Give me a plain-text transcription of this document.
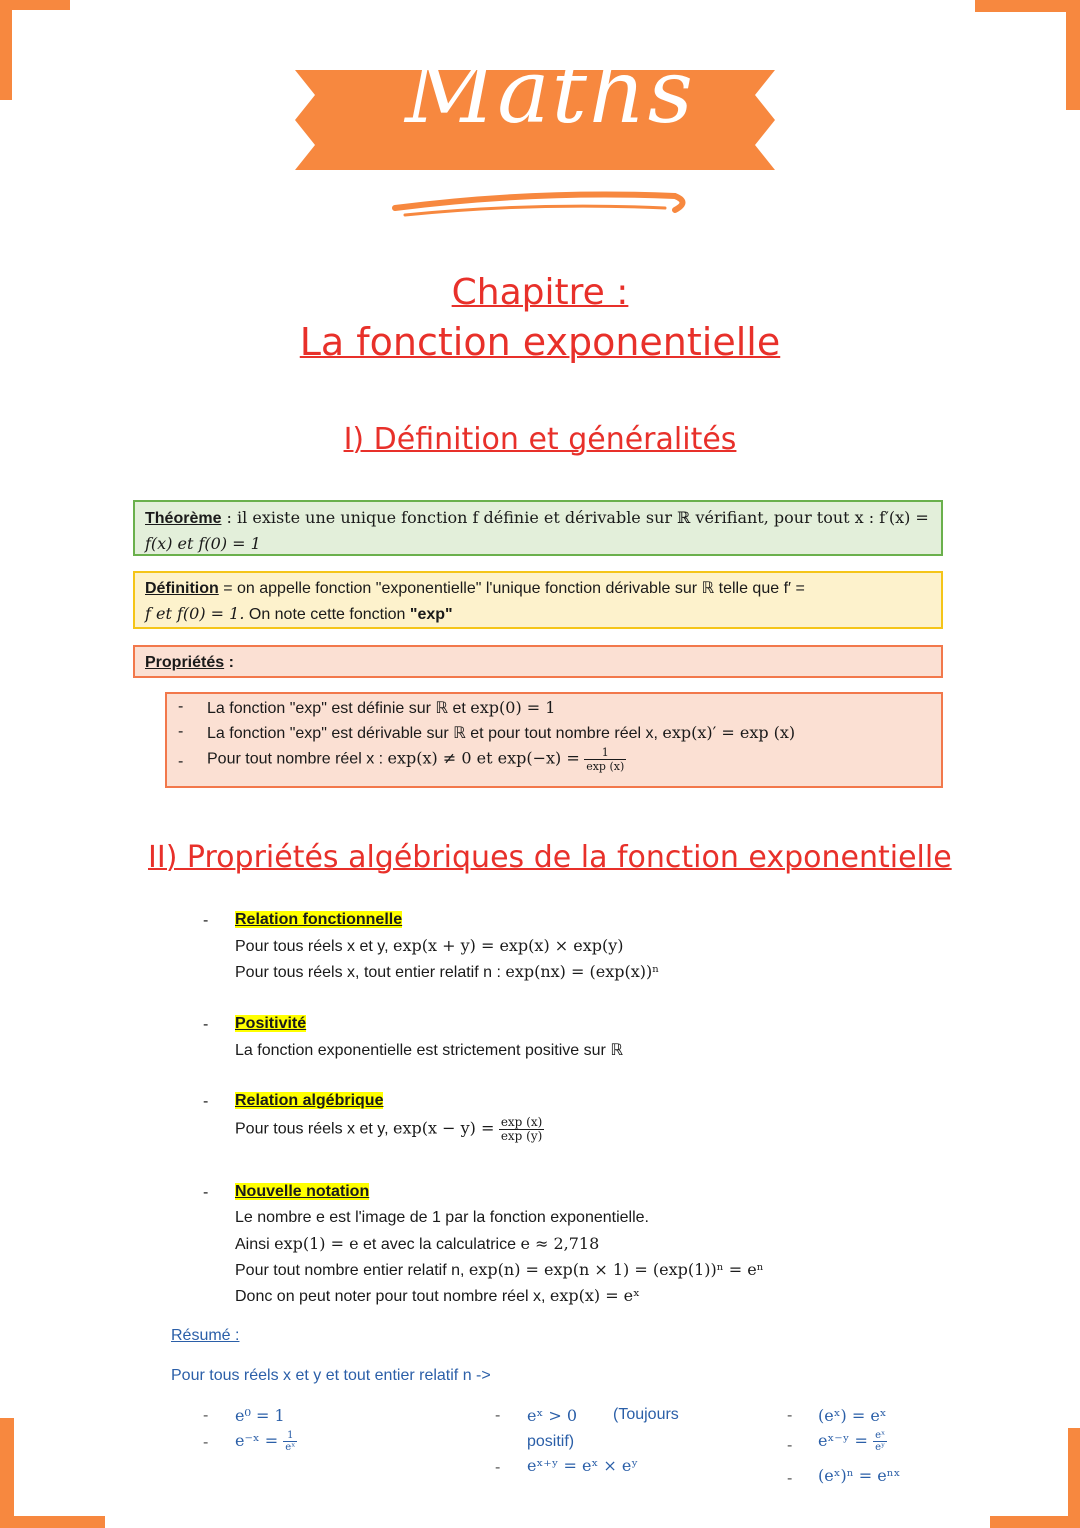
Maths
Chapitre :
La fonction exponentielle
I) Définition et généralités
Théorème : il existe une unique fonction f définie et dérivable sur ℝ vérifiant, pour tout x : f′(x) =
f(x) et f(0) = 1
Définition = on appelle fonction "exponentielle" l'unique fonction dérivable sur ℝ telle que f′ =
f et f(0) = 1. On note cette fonction "exp"
Propriétés :
- La fonction "exp" est définie sur ℝ et exp(0) = 1
- La fonction "exp" est dérivable sur ℝ et pour tout nombre réel x, exp(x)′ = exp (x)
- Pour tout nombre réel x : exp(x) ≠ 0 et $\exp(-x) = \frac{1}{\exp (x)}$
II) Propriétés algébriques de la fonction exponentielle
- Relation fonctionnelle
Pour tous réels x et y, exp(x + y) = exp(x) × exp(y)
Pour tous réels x, tout entier relatif n : exp(nx) = (exp(x))ⁿ
- Positivité
La fonction exponentielle est strictement positive sur ℝ
- Relation algébrique
Pour tous réels x et y, $\exp(x - y) = \frac{\exp (x)}{\exp (y)}$
- Nouvelle notation
Le nombre e est l'image de 1 par la fonction exponentielle.
Ainsi exp(1) = e et avec la calculatrice e ≈ 2,718
Pour tout nombre entier relatif n, exp(n) = exp(n × 1) = (exp(1))ⁿ = eⁿ
Donc on peut noter pour tout nombre réel x, exp(x) = eˣ
Résumé :
Pour tous réels x et y et tout entier relatif n ->
- e⁰ = 1
- e⁻ˣ = $\frac{1}{\text{eˣ}}$
- eˣ > 0 (Toujours
positif)
- eˣ⁺ʸ = eˣ × eʸ
- (eˣ) = eˣ
- eˣ⁻ʸ = $\frac{\text{eˣ}}{\text{eʸ}}$
- (eˣ)ⁿ = eⁿˣ
